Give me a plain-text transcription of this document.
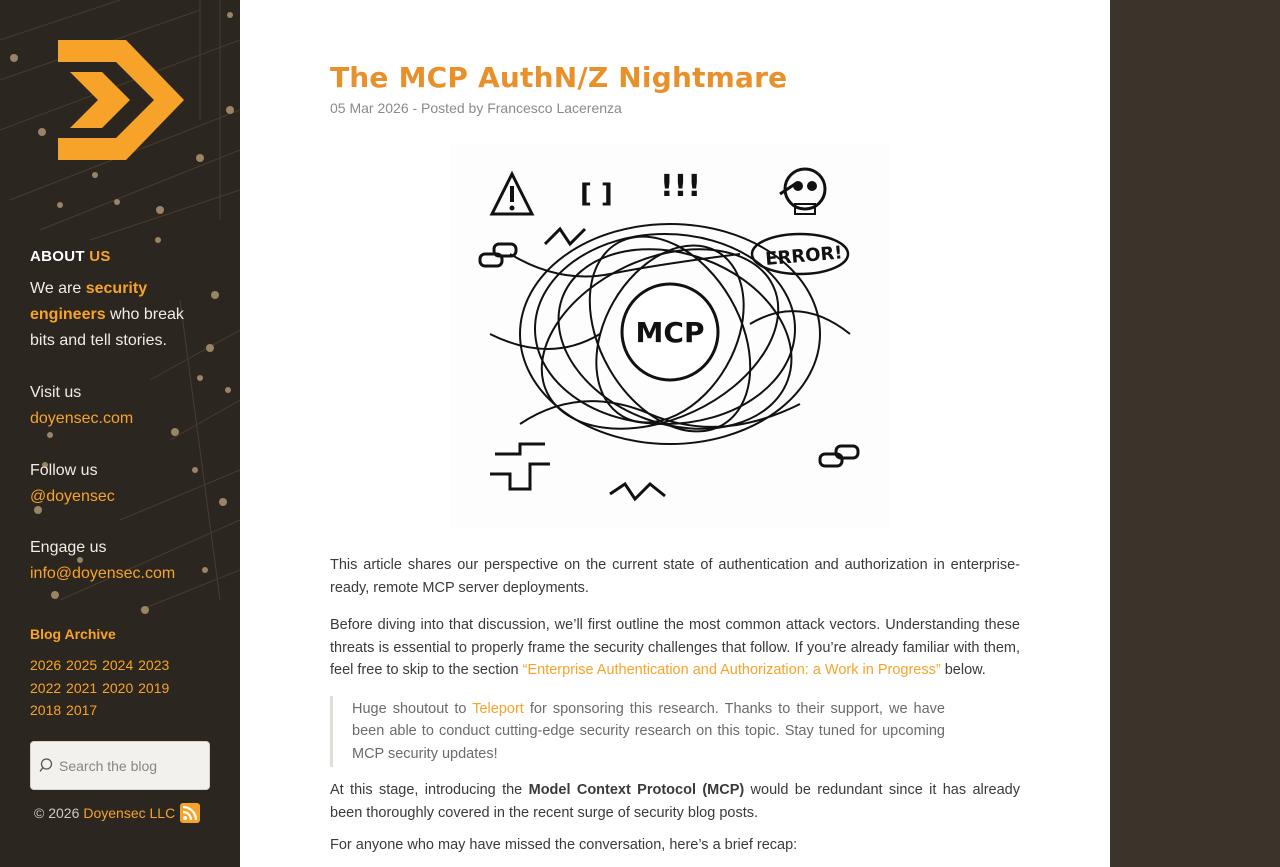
ABOUT US
We are security engineers who break bits and tell stories.
Visit us
doyensec.com
Follow us
@doyensec
Engage us
info@doyensec.com
Blog Archive
2026 2025 2024 2023
2022 2021 2020 2019
2018 2017
Search the blog
© 2026 Doyensec LLC
The MCP AuthN/Z Nightmare
05 Mar 2026 - Posted by Francesco Lacerenza
MCP
[ ] !!!
ERROR!

This article shares our perspective on the current state of authentication and authorization in enterprise-ready, remote MCP server deployments.

Before diving into that discussion, we’ll first outline the most common attack vectors. Understanding these threats is essential to properly frame the security challenges that follow. If you’re already familiar with them, feel free to skip to the section “Enterprise Authentication and Authorization: a Work in Progress” below.

Huge shoutout to Teleport for sponsoring this research. Thanks to their support, we have been able to conduct cutting-edge security research on this topic. Stay tuned for upcoming MCP security updates!

At this stage, introducing the Model Context Protocol (MCP) would be redundant since it has already been thoroughly covered in the recent surge of security blog posts.

For anyone who may have missed the conversation, here’s a brief recap:
